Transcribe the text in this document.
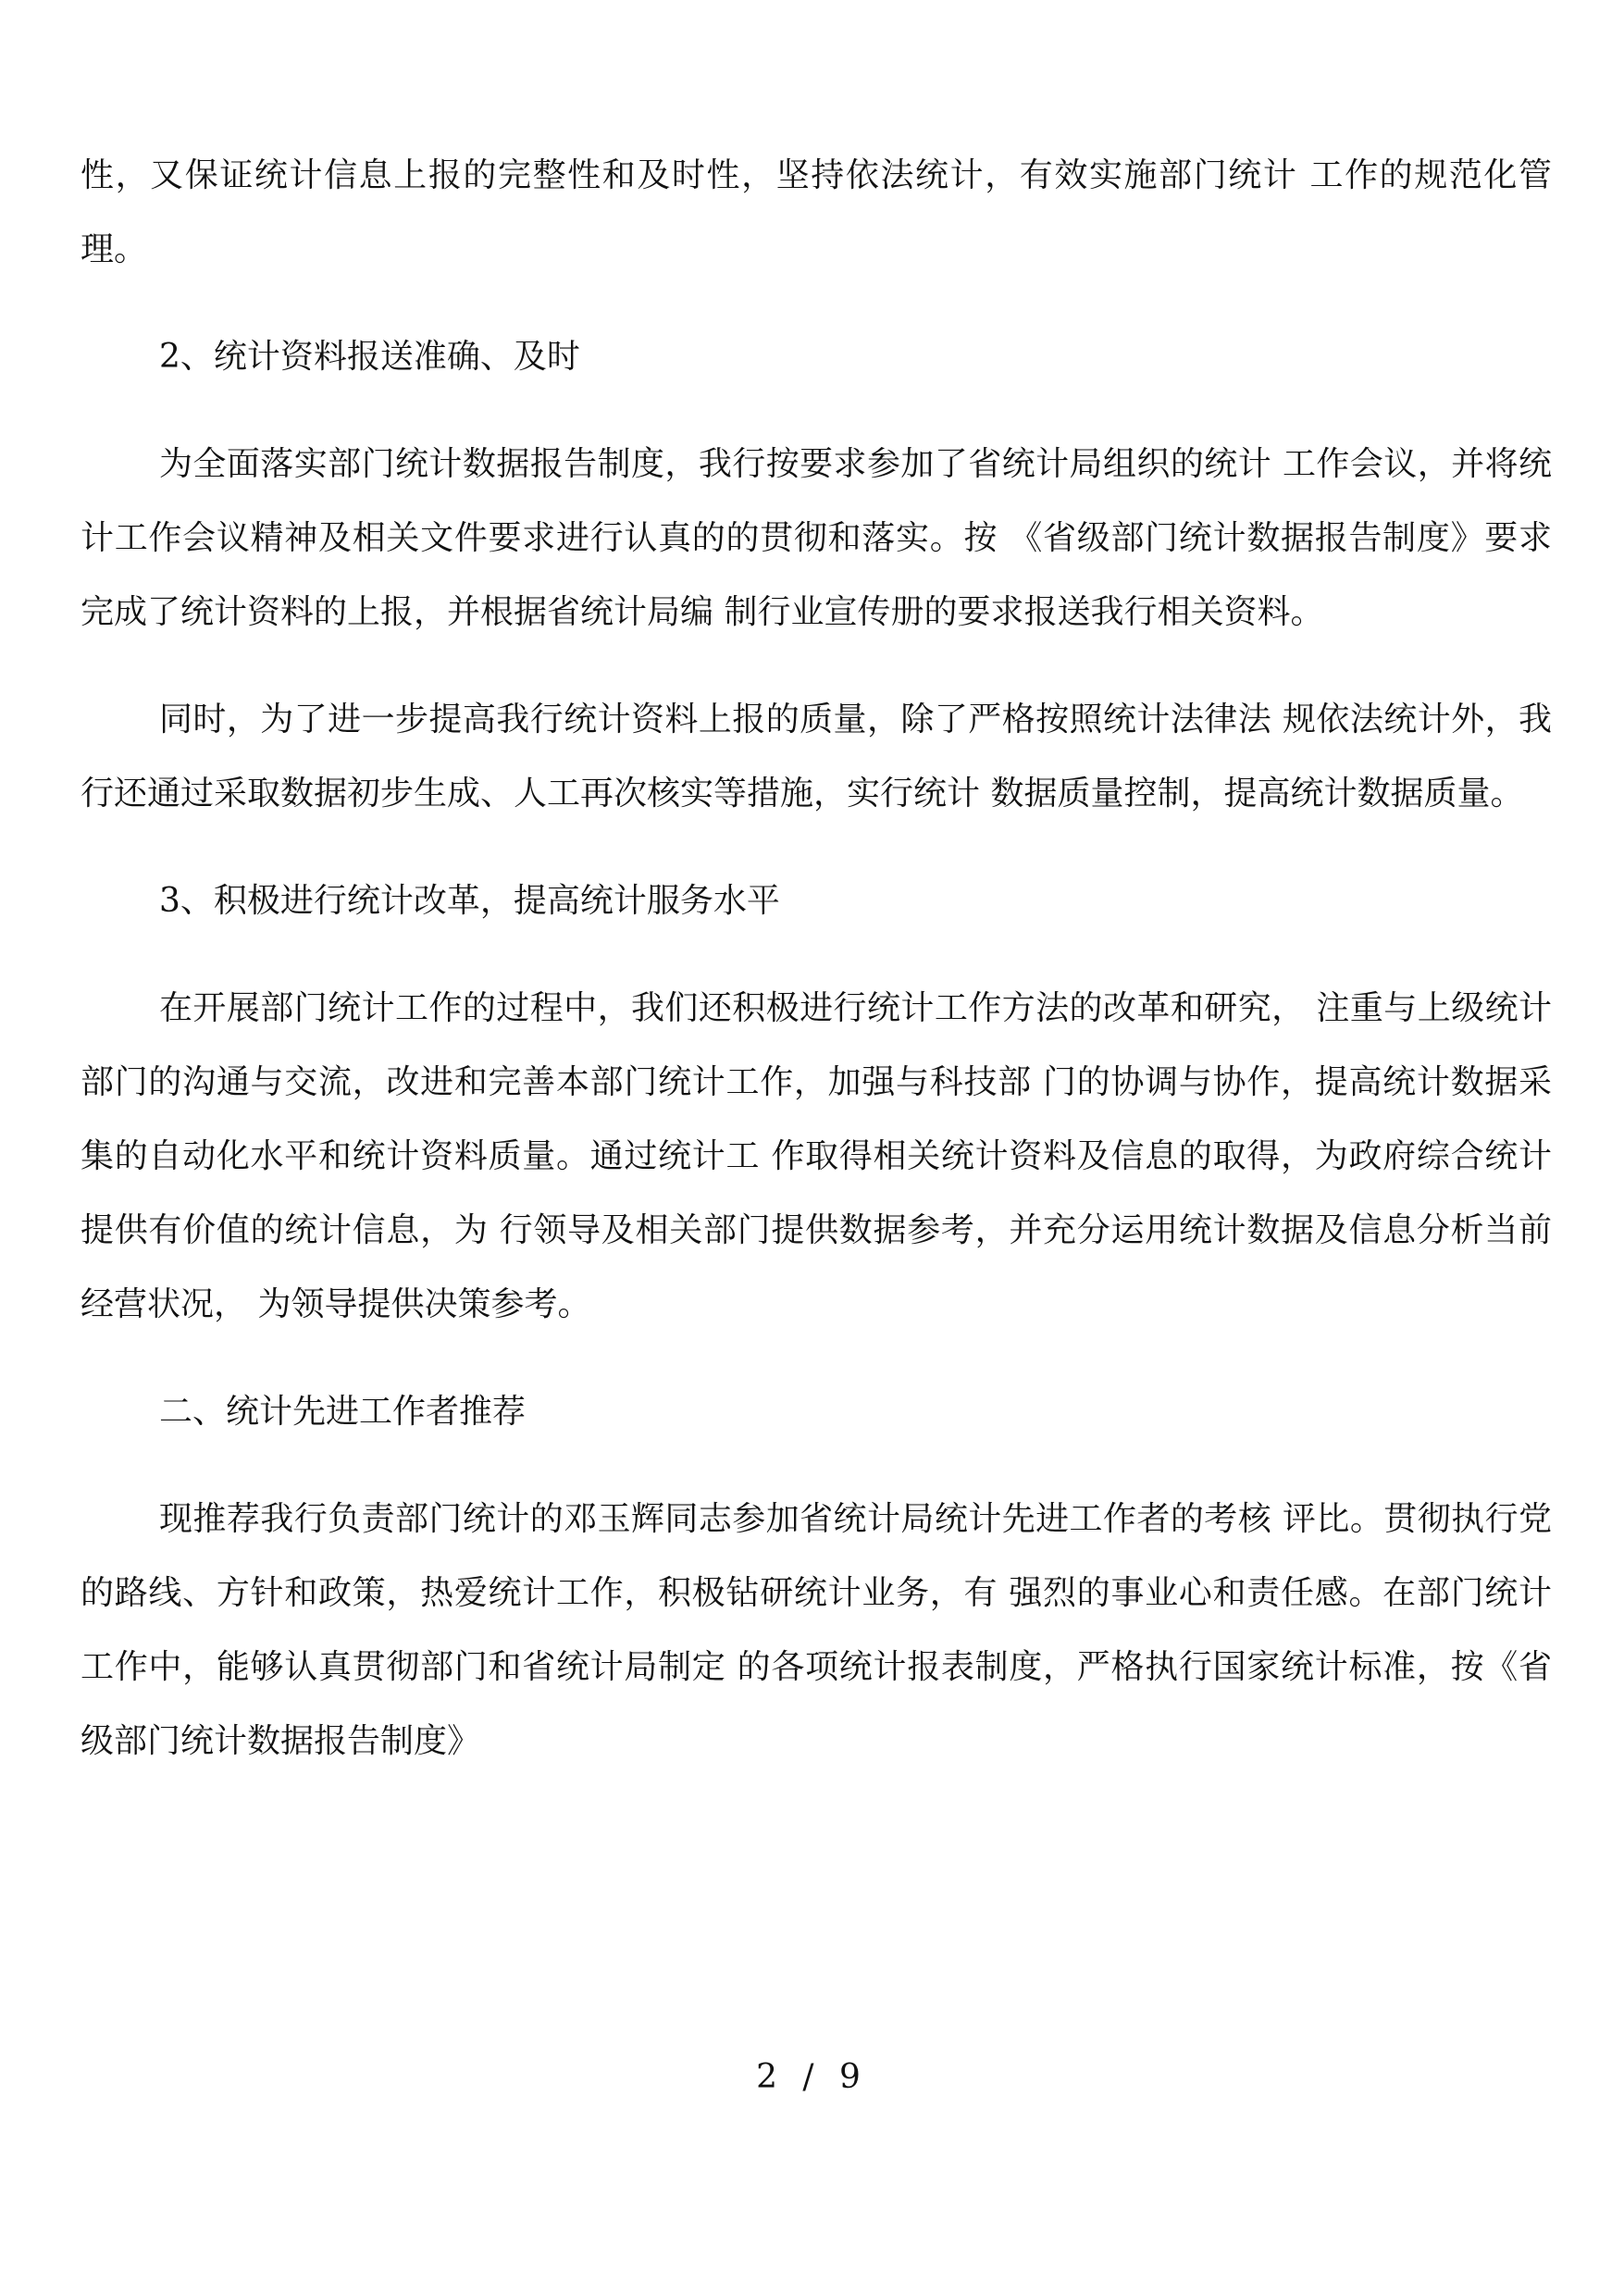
性，又保证统计信息上报的完整性和及时性，坚持依法统计，有效实施部门统计 工作的规范化管理。

2、统计资料报送准确、及时

为全面落实部门统计数据报告制度，我行按要求参加了省统计局组织的统计 工作会议，并将统计工作会议精神及相关文件要求进行认真的的贯彻和落实。按 《省级部门统计数据报告制度》要求完成了统计资料的上报，并根据省统计局编 制行业宣传册的要求报送我行相关资料。

同时，为了进一步提高我行统计资料上报的质量，除了严格按照统计法律法 规依法统计外，我行还通过采取数据初步生成、人工再次核实等措施，实行统计 数据质量控制，提高统计数据质量。

3、积极进行统计改革，提高统计服务水平

在开展部门统计工作的过程中，我们还积极进行统计工作方法的改革和研究， 注重与上级统计部门的沟通与交流，改进和完善本部门统计工作，加强与科技部 门的协调与协作，提高统计数据采集的自动化水平和统计资料质量。通过统计工 作取得相关统计资料及信息的取得，为政府综合统计提供有价值的统计信息，为 行领导及相关部门提供数据参考，并充分运用统计数据及信息分析当前经营状况， 为领导提供决策参考。

二、统计先进工作者推荐

现推荐我行负责部门统计的邓玉辉同志参加省统计局统计先进工作者的考核 评比。贯彻执行党的路线、方针和政策，热爱统计工作，积极钻研统计业务，有 强烈的事业心和责任感。在部门统计工作中，能够认真贯彻部门和省统计局制定 的各项统计报表制度，严格执行国家统计标准，按《省级部门统计数据报告制度》

2 / 9
